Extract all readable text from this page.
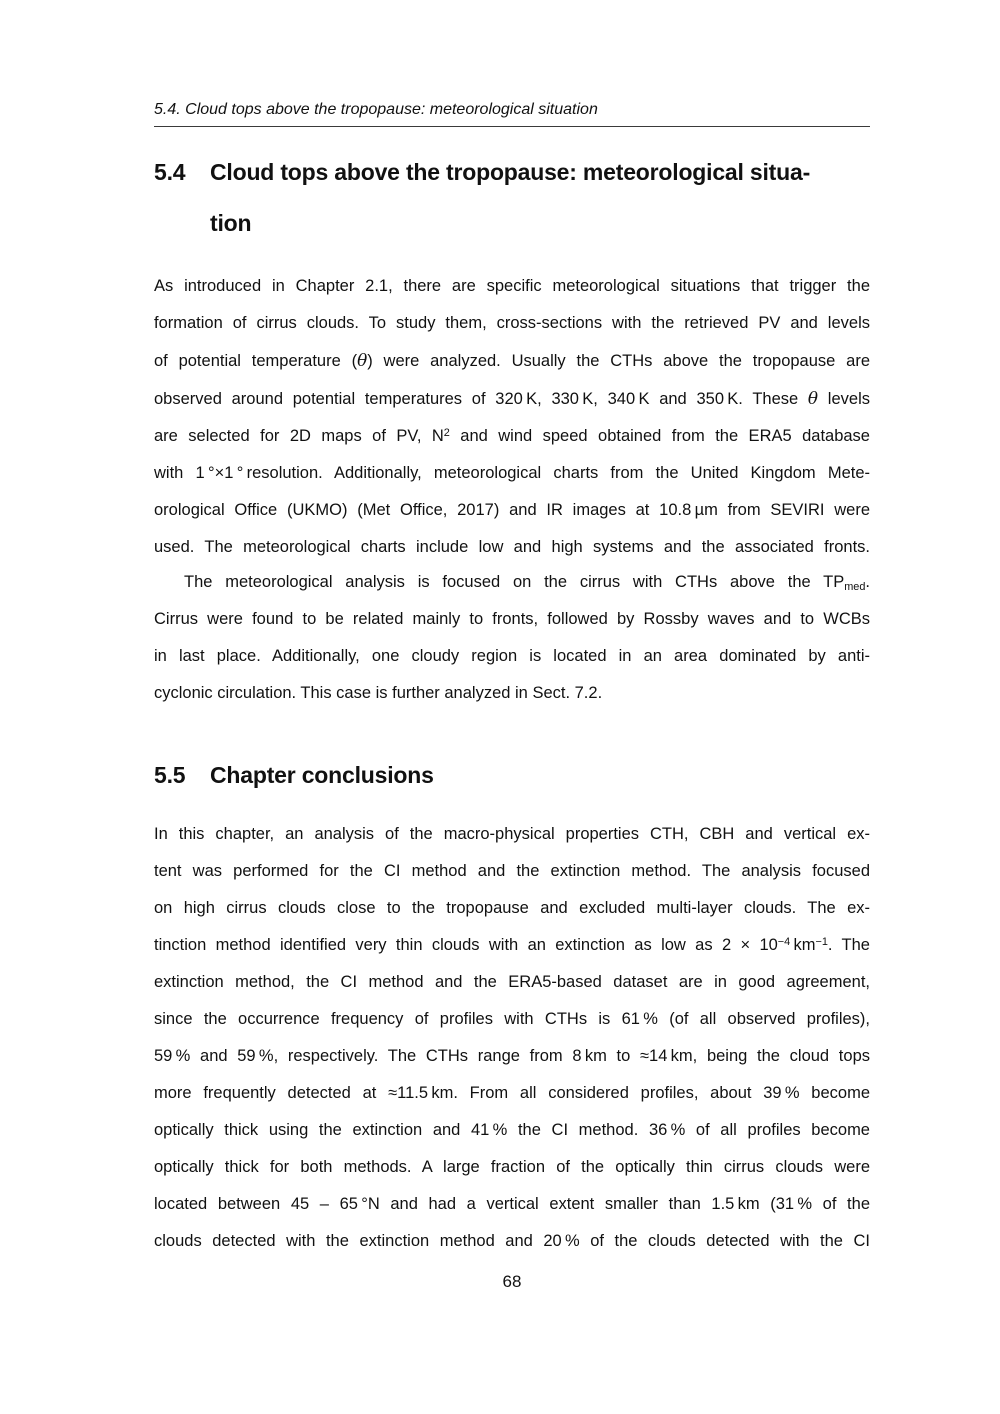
5.4. Cloud tops above the tropopause: meteorological situation
5.4	Cloud tops above the tropopause: meteorological situa-
tion
As introduced in Chapter 2.1, there are specific meteorological situations that trigger the
formation of cirrus clouds. To study them, cross-sections with the retrieved PV and levels
of potential temperature (θ) were analyzed. Usually the CTHs above the tropopause are
observed around potential temperatures of 320 K, 330 K, 340 K and 350 K. These θ levels
are selected for 2D maps of PV, $N^2$ and wind speed obtained from the ERA5 database
with 1 °×1 ° resolution. Additionally, meteorological charts from the United Kingdom Mete-
orological Office (UKMO) (Met Office, 2017) and IR images at 10.8 µm from SEVIRI were
used. The meteorological charts include low and high systems and the associated fronts.
The meteorological analysis is focused on the cirrus with CTHs above the $TP_{med}$.
Cirrus were found to be related mainly to fronts, followed by Rossby waves and to WCBs
in last place. Additionally, one cloudy region is located in an area dominated by anti-
cyclonic circulation. This case is further analyzed in Sect. 7.2.
5.5	Chapter conclusions
In this chapter, an analysis of the macro-physical properties CTH, CBH and vertical ex-
tent was performed for the CI method and the extinction method. The analysis focused
on high cirrus clouds close to the tropopause and excluded multi-layer clouds. The ex-
tinction method identified very thin clouds with an extinction as low as $2 \times 10^{-4}$ $km^{-1}$. The
extinction method, the CI method and the ERA5-based dataset are in good agreement,
since the occurrence frequency of profiles with CTHs is 61 % (of all observed profiles),
59 % and 59 %, respectively. The CTHs range from 8 km to ≈14 km, being the cloud tops
more frequently detected at ≈11.5 km. From all considered profiles, about 39 % become
optically thick using the extinction and 41 % the CI method. 36 % of all profiles become
optically thick for both methods. A large fraction of the optically thin cirrus clouds were
located between 45 – 65 °N and had a vertical extent smaller than 1.5 km (31 % of the
clouds detected with the extinction method and 20 % of the clouds detected with the CI
68
